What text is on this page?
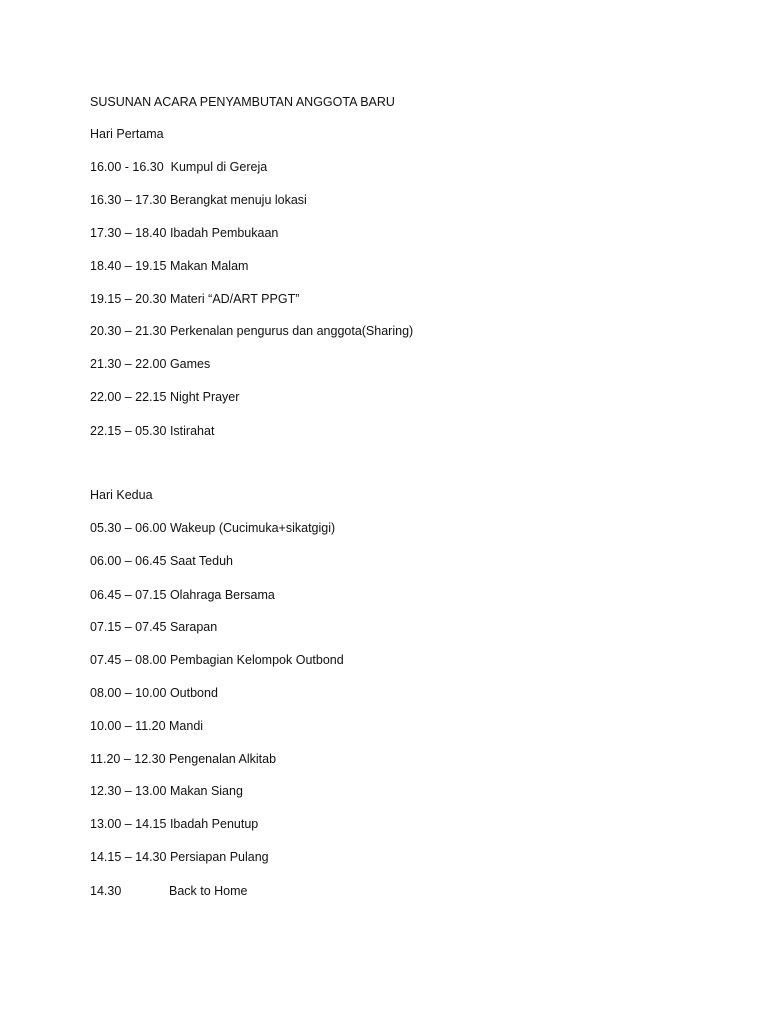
SUSUNAN ACARA PENYAMBUTAN ANGGOTA BARU
Hari Pertama
16.00 - 16.30  Kumpul di Gereja
16.30 – 17.30 Berangkat menuju lokasi
17.30 – 18.40 Ibadah Pembukaan
18.40 – 19.15 Makan Malam
19.15 – 20.30 Materi “AD/ART PPGT”
20.30 – 21.30 Perkenalan pengurus dan anggota(Sharing)
21.30 – 22.00 Games
22.00 – 22.15 Night Prayer
22.15 – 05.30 Istirahat
Hari Kedua
05.30 – 06.00 Wakeup (Cucimuka+sikatgigi)
06.00 – 06.45 Saat Teduh
06.45 – 07.15 Olahraga Bersama
07.15 – 07.45 Sarapan
07.45 – 08.00 Pembagian Kelompok Outbond
08.00 – 10.00 Outbond
10.00 – 11.20 Mandi
11.20 – 12.30 Pengenalan Alkitab
12.30 – 13.00 Makan Siang
13.00 – 14.15 Ibadah Penutup
14.15 – 14.30 Persiapan Pulang
14.30	Back to Home
